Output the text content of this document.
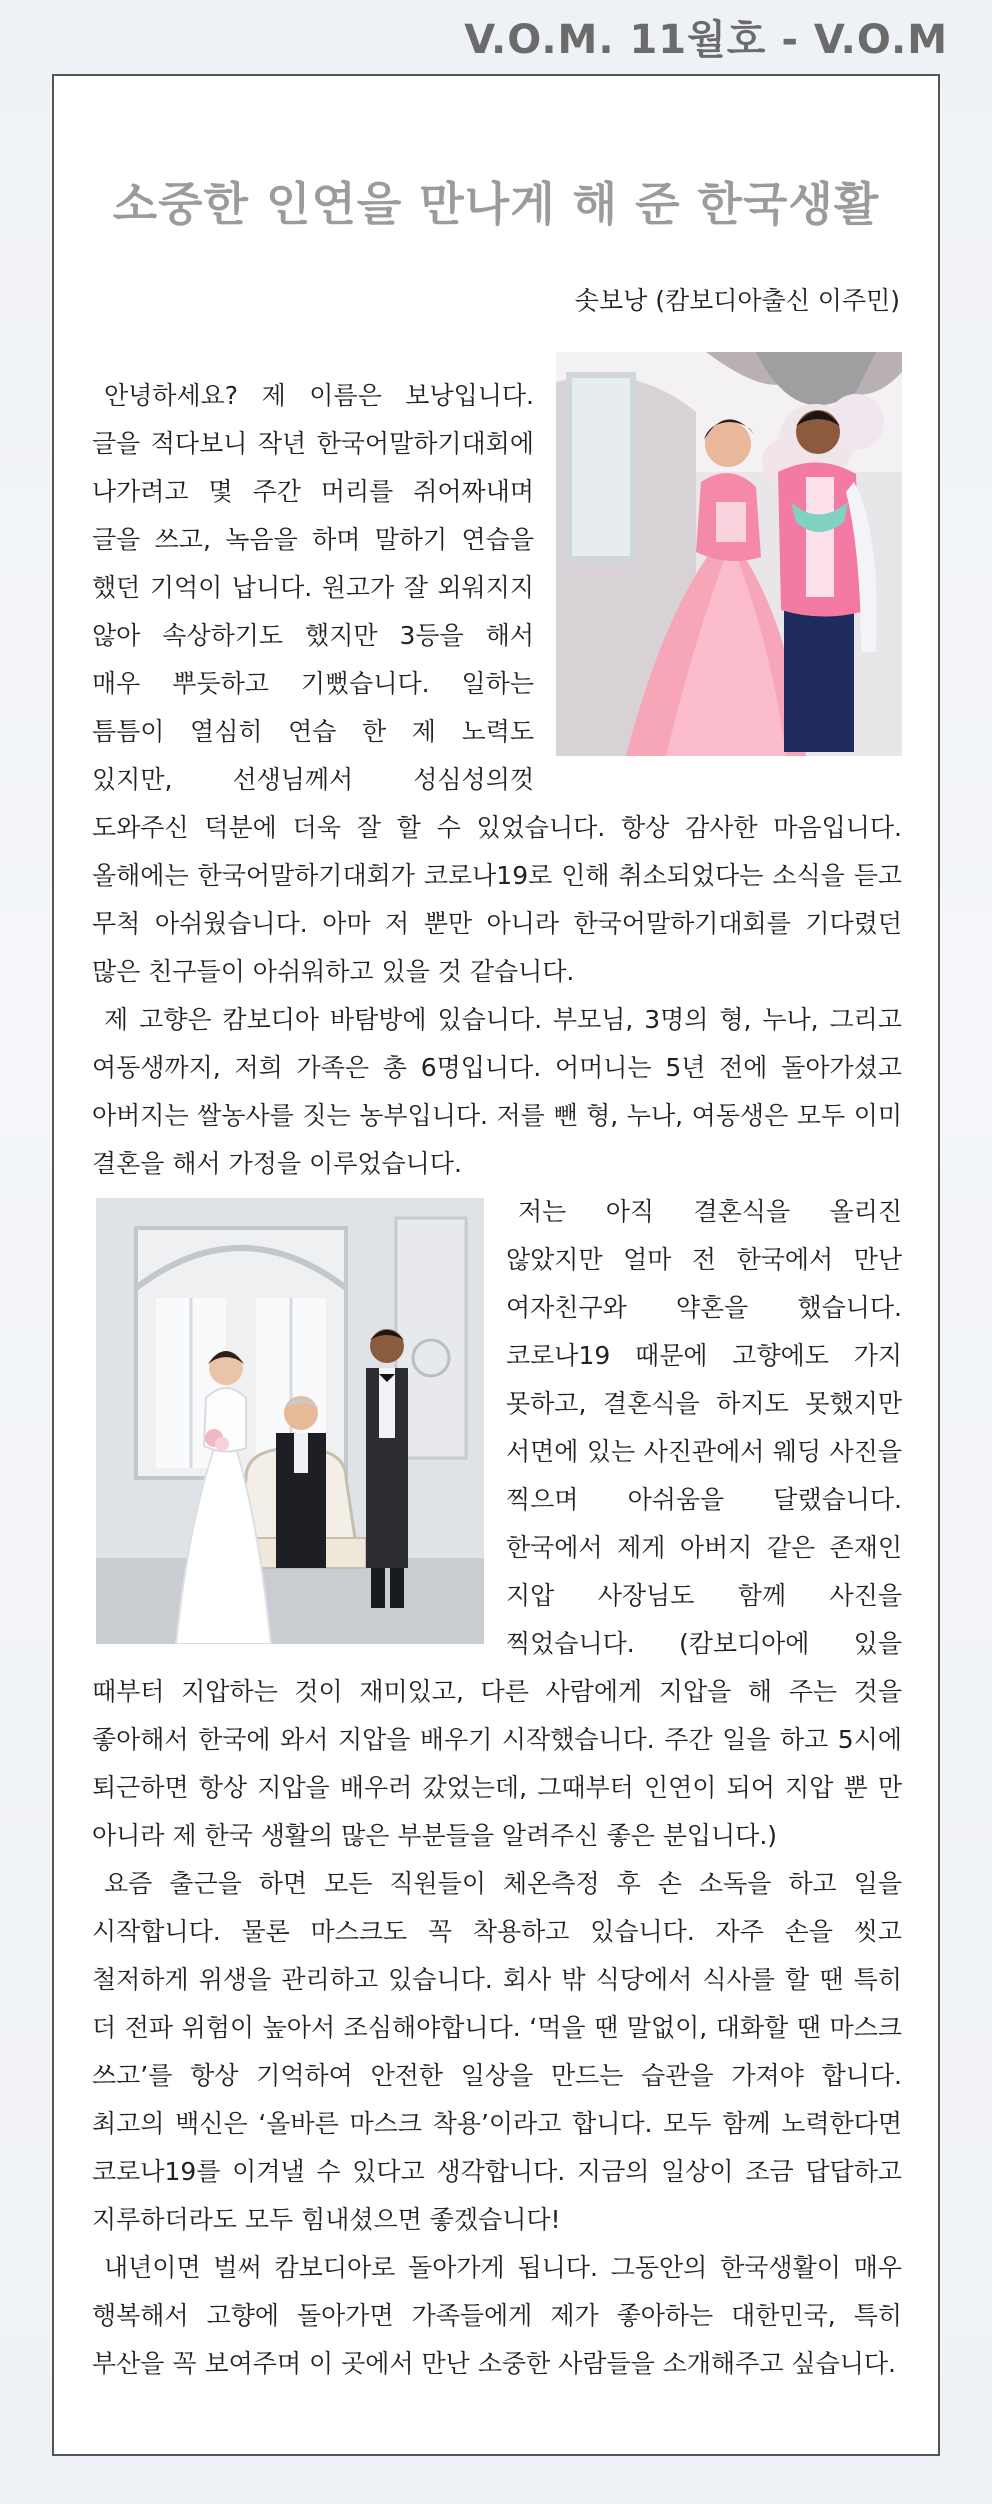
V.O.M. 11월호 - V.O.M
소중한 인연을 만나게 해 준 한국생활
솟보낭 (캄보디아출신 이주민)

안녕하세요? 제 이름은 보낭입니다. 글을 적다보니 작년 한국어말하기대회에 나가려고 몇 주간 머리를 쥐어짜내며 글을 쓰고, 녹음을 하며 말하기 연습을 했던 기억이 납니다. 원고가 잘 외워지지 않아 속상하기도 했지만 3등을 해서 매우 뿌듯하고 기뻤습니다. 일하는 틈틈이 열심히 연습 한 제 노력도 있지만, 선생님께서 성심성의껏 도와주신 덕분에 더욱 잘 할 수 있었습니다. 항상 감사한 마음입니다. 올해에는 한국어말하기대회가 코로나19로 인해 취소되었다는 소식을 듣고 무척 아쉬웠습니다. 아마 저 뿐만 아니라 한국어말하기대회를 기다렸던 많은 친구들이 아쉬워하고 있을 것 같습니다.

제 고향은 캄보디아 바탐방에 있습니다. 부모님, 3명의 형, 누나, 그리고 여동생까지, 저희 가족은 총 6명입니다. 어머니는 5년 전에 돌아가셨고 아버지는 쌀농사를 짓는 농부입니다. 저를 뺀 형, 누나, 여동생은 모두 이미 결혼을 해서 가정을 이루었습니다.

저는 아직 결혼식을 올리진 않았지만 얼마 전 한국에서 만난 여자친구와 약혼을 했습니다. 코로나19 때문에 고향에도 가지 못하고, 결혼식을 하지도 못했지만 서면에 있는 사진관에서 웨딩 사진을 찍으며 아쉬움을 달랬습니다. 한국에서 제게 아버지 같은 존재인 지압 사장님도 함께 사진을 찍었습니다. (캄보디아에 있을 때부터 지압하는 것이 재미있고, 다른 사람에게 지압을 해 주는 것을 좋아해서 한국에 와서 지압을 배우기 시작했습니다. 주간 일을 하고 5시에 퇴근하면 항상 지압을 배우러 갔었는데, 그때부터 인연이 되어 지압 뿐 만 아니라 제 한국 생활의 많은 부분들을 알려주신 좋은 분입니다.)

요즘 출근을 하면 모든 직원들이 체온측정 후 손 소독을 하고 일을 시작합니다. 물론 마스크도 꼭 착용하고 있습니다. 자주 손을 씻고 철저하게 위생을 관리하고 있습니다. 회사 밖 식당에서 식사를 할 땐 특히 더 전파 위험이 높아서 조심해야합니다. ‘먹을 땐 말없이, 대화할 땐 마스크 쓰고’를 항상 기억하여 안전한 일상을 만드는 습관을 가져야 합니다. 최고의 백신은 ‘올바른 마스크 착용’이라고 합니다. 모두 함께 노력한다면 코로나19를 이겨낼 수 있다고 생각합니다. 지금의 일상이 조금 답답하고 지루하더라도 모두 힘내셨으면 좋겠습니다!

내년이면 벌써 캄보디아로 돌아가게 됩니다. 그동안의 한국생활이 매우 행복해서 고향에 돌아가면 가족들에게 제가 좋아하는 대한민국, 특히 부산을 꼭 보여주며 이 곳에서 만난 소중한 사람들을 소개해주고 싶습니다.
